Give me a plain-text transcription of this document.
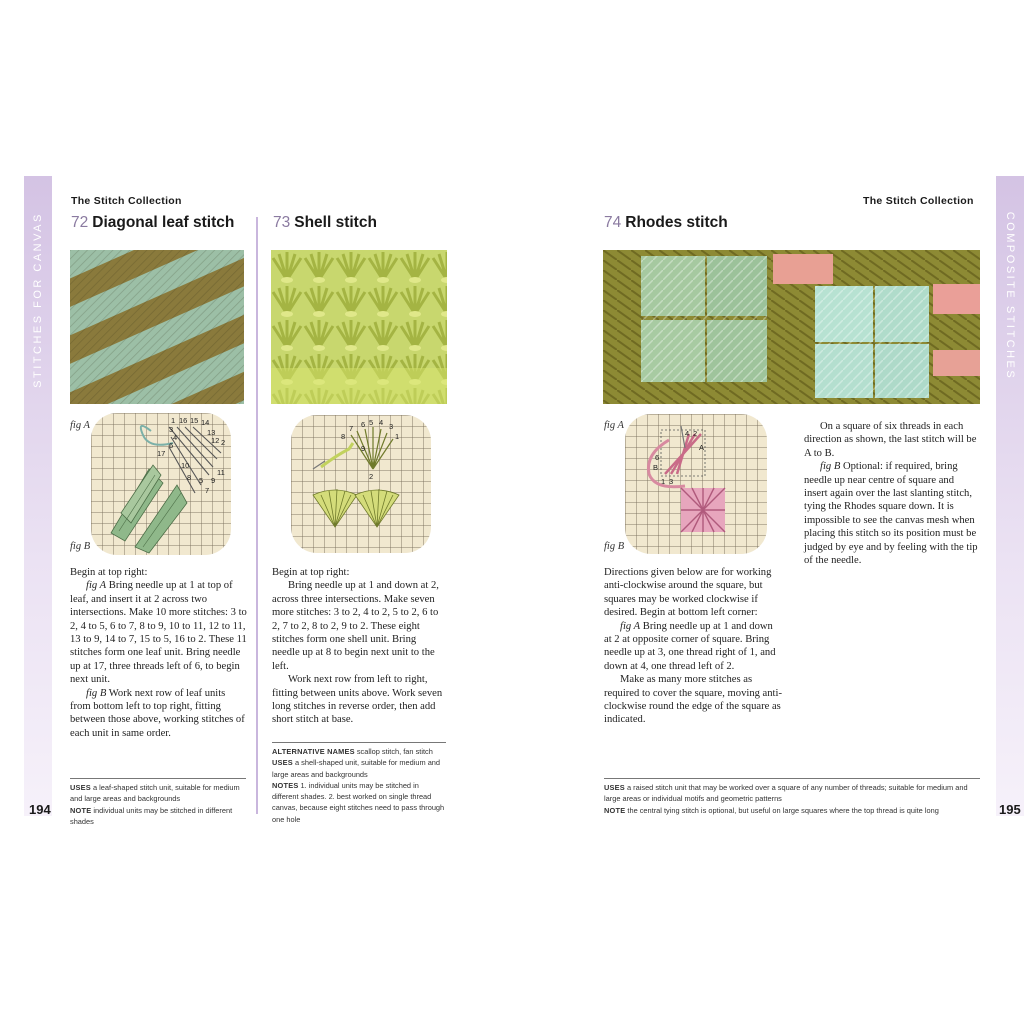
STITCHES FOR CANVAS	COMPOSITE STITCHES
The Stitch Collection	The Stitch Collection
194	195
72 Diagonal leaf stitch
fig A
fig B
1 16 15 14
3	13
4	12 2
6
17
10
11
5 9
8
7

Begin at top right:

fig A Bring needle up at 1 at top of leaf, and insert it at 2 across two intersections. Make 10 more stitches: 3 to 2, 4 to 5, 6 to 7, 8 to 9, 10 to 11, 12 to 11, 13 to 9, 14 to 7, 15 to 5, 16 to 2. These 11 stitches form one leaf unit. Bring needle up at 17, three threads left of 6, to begin next unit.

fig B Work next row of leaf units from bottom left to top right, fitting between those above, working stitches of each unit in same order.

USES a leaf-shaped stitch unit, suitable for medium and large areas and backgrounds
NOTE individual units may be stitched in different shades
73 Shell stitch
6 5 4
7	3
8
2
1
9

Begin at top right:

Bring needle up at 1 and down at 2, across three intersections. Make seven more stitches: 3 to 2, 4 to 2, 5 to 2, 6 to 2, 7 to 2, 8 to 2, 9 to 2. These eight stitches form one shell unit. Bring needle up at 8 to begin next unit to the left.

Work next row from left to right, fitting between units above. Work seven long stitches in reverse order, then add short stitch at base.

ALTERNATIVE NAMES scallop stitch, fan stitch
USES a shell-shaped unit, suitable for medium and large areas and backgrounds
NOTES 1. individual units may be stitched in different shades. 2. best worked on single thread canvas, because eight stitches need to pass through one hole
74 Rhodes stitch
fig A
fig B
4 2
A
6
B
1 3

Directions given below are for working anti-clockwise around the square, but squares may be worked clockwise if desired. Begin at bottom left corner:

fig A Bring needle up at 1 and down at 2 at opposite corner of square. Bring needle up at 3, one thread right of 1, and down at 4, one thread left of 2.

Make as many more stitches as required to cover the square, moving anti-clockwise round the edge of the square as indicated.

On a square of six threads in each direction as shown, the last stitch will be A to B.

fig B Optional: if required, bring needle up near centre of square and insert again over the last slanting stitch, tying the Rhodes square down. It is impossible to see the canvas mesh when placing this stitch so its position must be judged by eye and by feeling with the tip of the needle.

USES a raised stitch unit that may be worked over a square of any number of threads; suitable for medium and large areas or individual motifs and geometric patterns
NOTE the central tying stitch is optional, but useful on large squares where the top thread is quite long
